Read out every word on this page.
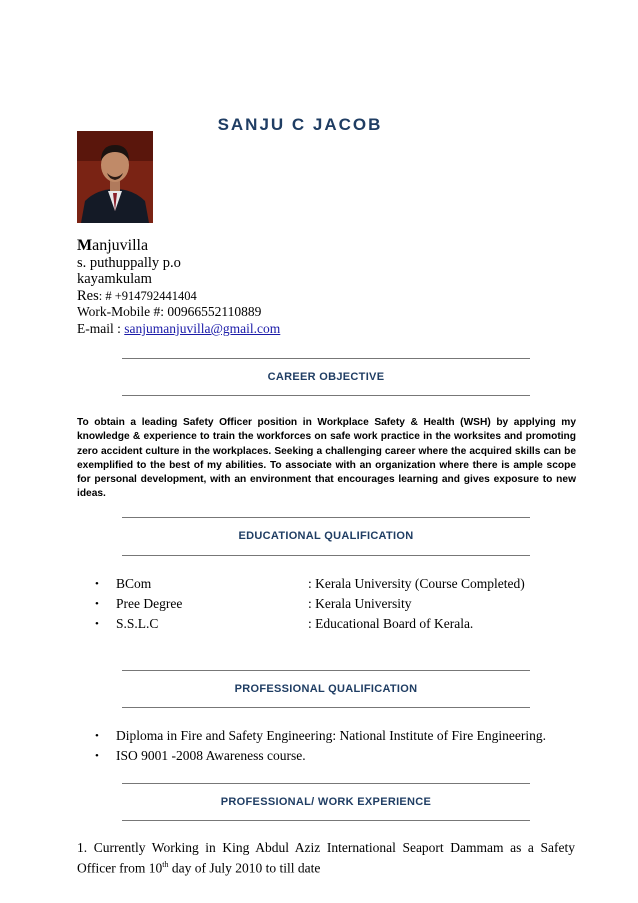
SANJU C JACOB
Manjuvilla
s. puthuppally p.o
kayamkulam
Res: # +914792441404
Work-Mobile #: 00966552110889
E-mail : sanjumanjuvilla@gmail.com
CAREER OBJECTIVE
To obtain a leading Safety Officer position in Workplace Safety & Health (WSH) by applying my knowledge & experience to train the workforces on safe work practice in the worksites and promoting zero accident culture in the workplaces. Seeking a challenging career where the acquired skills can be exemplified to the best of my abilities. To associate with an organization where there is ample scope for personal development, with an environment that encourages learning and gives exposure to new ideas.
EDUCATIONAL QUALIFICATION
• BCom	: Kerala University (Course Completed)
• Pree Degree	: Kerala University
• S.S.L.C	: Educational Board of Kerala.
PROFESSIONAL QUALIFICATION
• Diploma in Fire and Safety Engineering: National Institute of Fire Engineering.
• ISO 9001 -2008 Awareness course.
PROFESSIONAL/ WORK EXPERIENCE
1. Currently Working in King Abdul Aziz International Seaport Dammam as a Safety Officer from 10th day of July 2010 to till date
